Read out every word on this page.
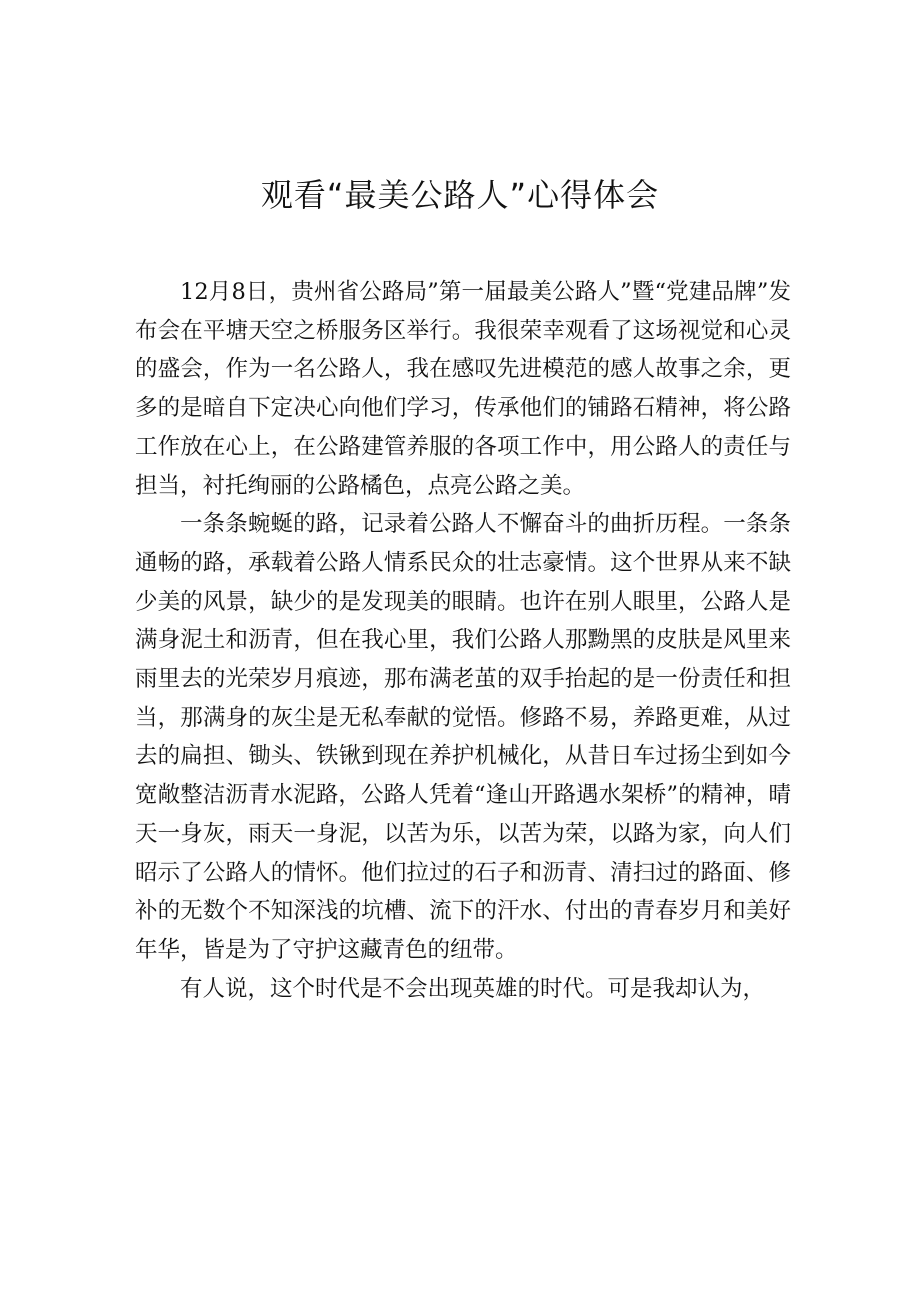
观看“最美公路人”心得体会

12月8日，贵州省公路局”第一届最美公路人”暨“党建品牌”发布会在平塘天空之桥服务区举行。我很荣幸观看了这场视觉和心灵的盛会，作为一名公路人，我在感叹先进模范的感人故事之余，更多的是暗自下定决心向他们学习，传承他们的铺路石精神，将公路工作放在心上，在公路建管养服的各项工作中，用公路人的责任与担当，衬托绚丽的公路橘色，点亮公路之美。

一条条蜿蜒的路，记录着公路人不懈奋斗的曲折历程。一条条通畅的路，承载着公路人情系民众的壮志豪情。这个世界从来不缺少美的风景，缺少的是发现美的眼睛。也许在别人眼里，公路人是满身泥土和沥青，但在我心里，我们公路人那黝黑的皮肤是风里来雨里去的光荣岁月痕迹，那布满老茧的双手抬起的是一份责任和担当，那满身的灰尘是无私奉献的觉悟。修路不易，养路更难，从过去的扁担、锄头、铁锹到现在养护机械化，从昔日车过扬尘到如今宽敞整洁沥青水泥路，公路人凭着“逢山开路遇水架桥”的精神，晴天一身灰，雨天一身泥，以苦为乐，以苦为荣，以路为家，向人们昭示了公路人的情怀。他们拉过的石子和沥青、清扫过的路面、修补的无数个不知深浅的坑槽、流下的汗水、付出的青春岁月和美好年华，皆是为了守护这藏青色的纽带。

有人说，这个时代是不会出现英雄的时代。可是我却认为，
